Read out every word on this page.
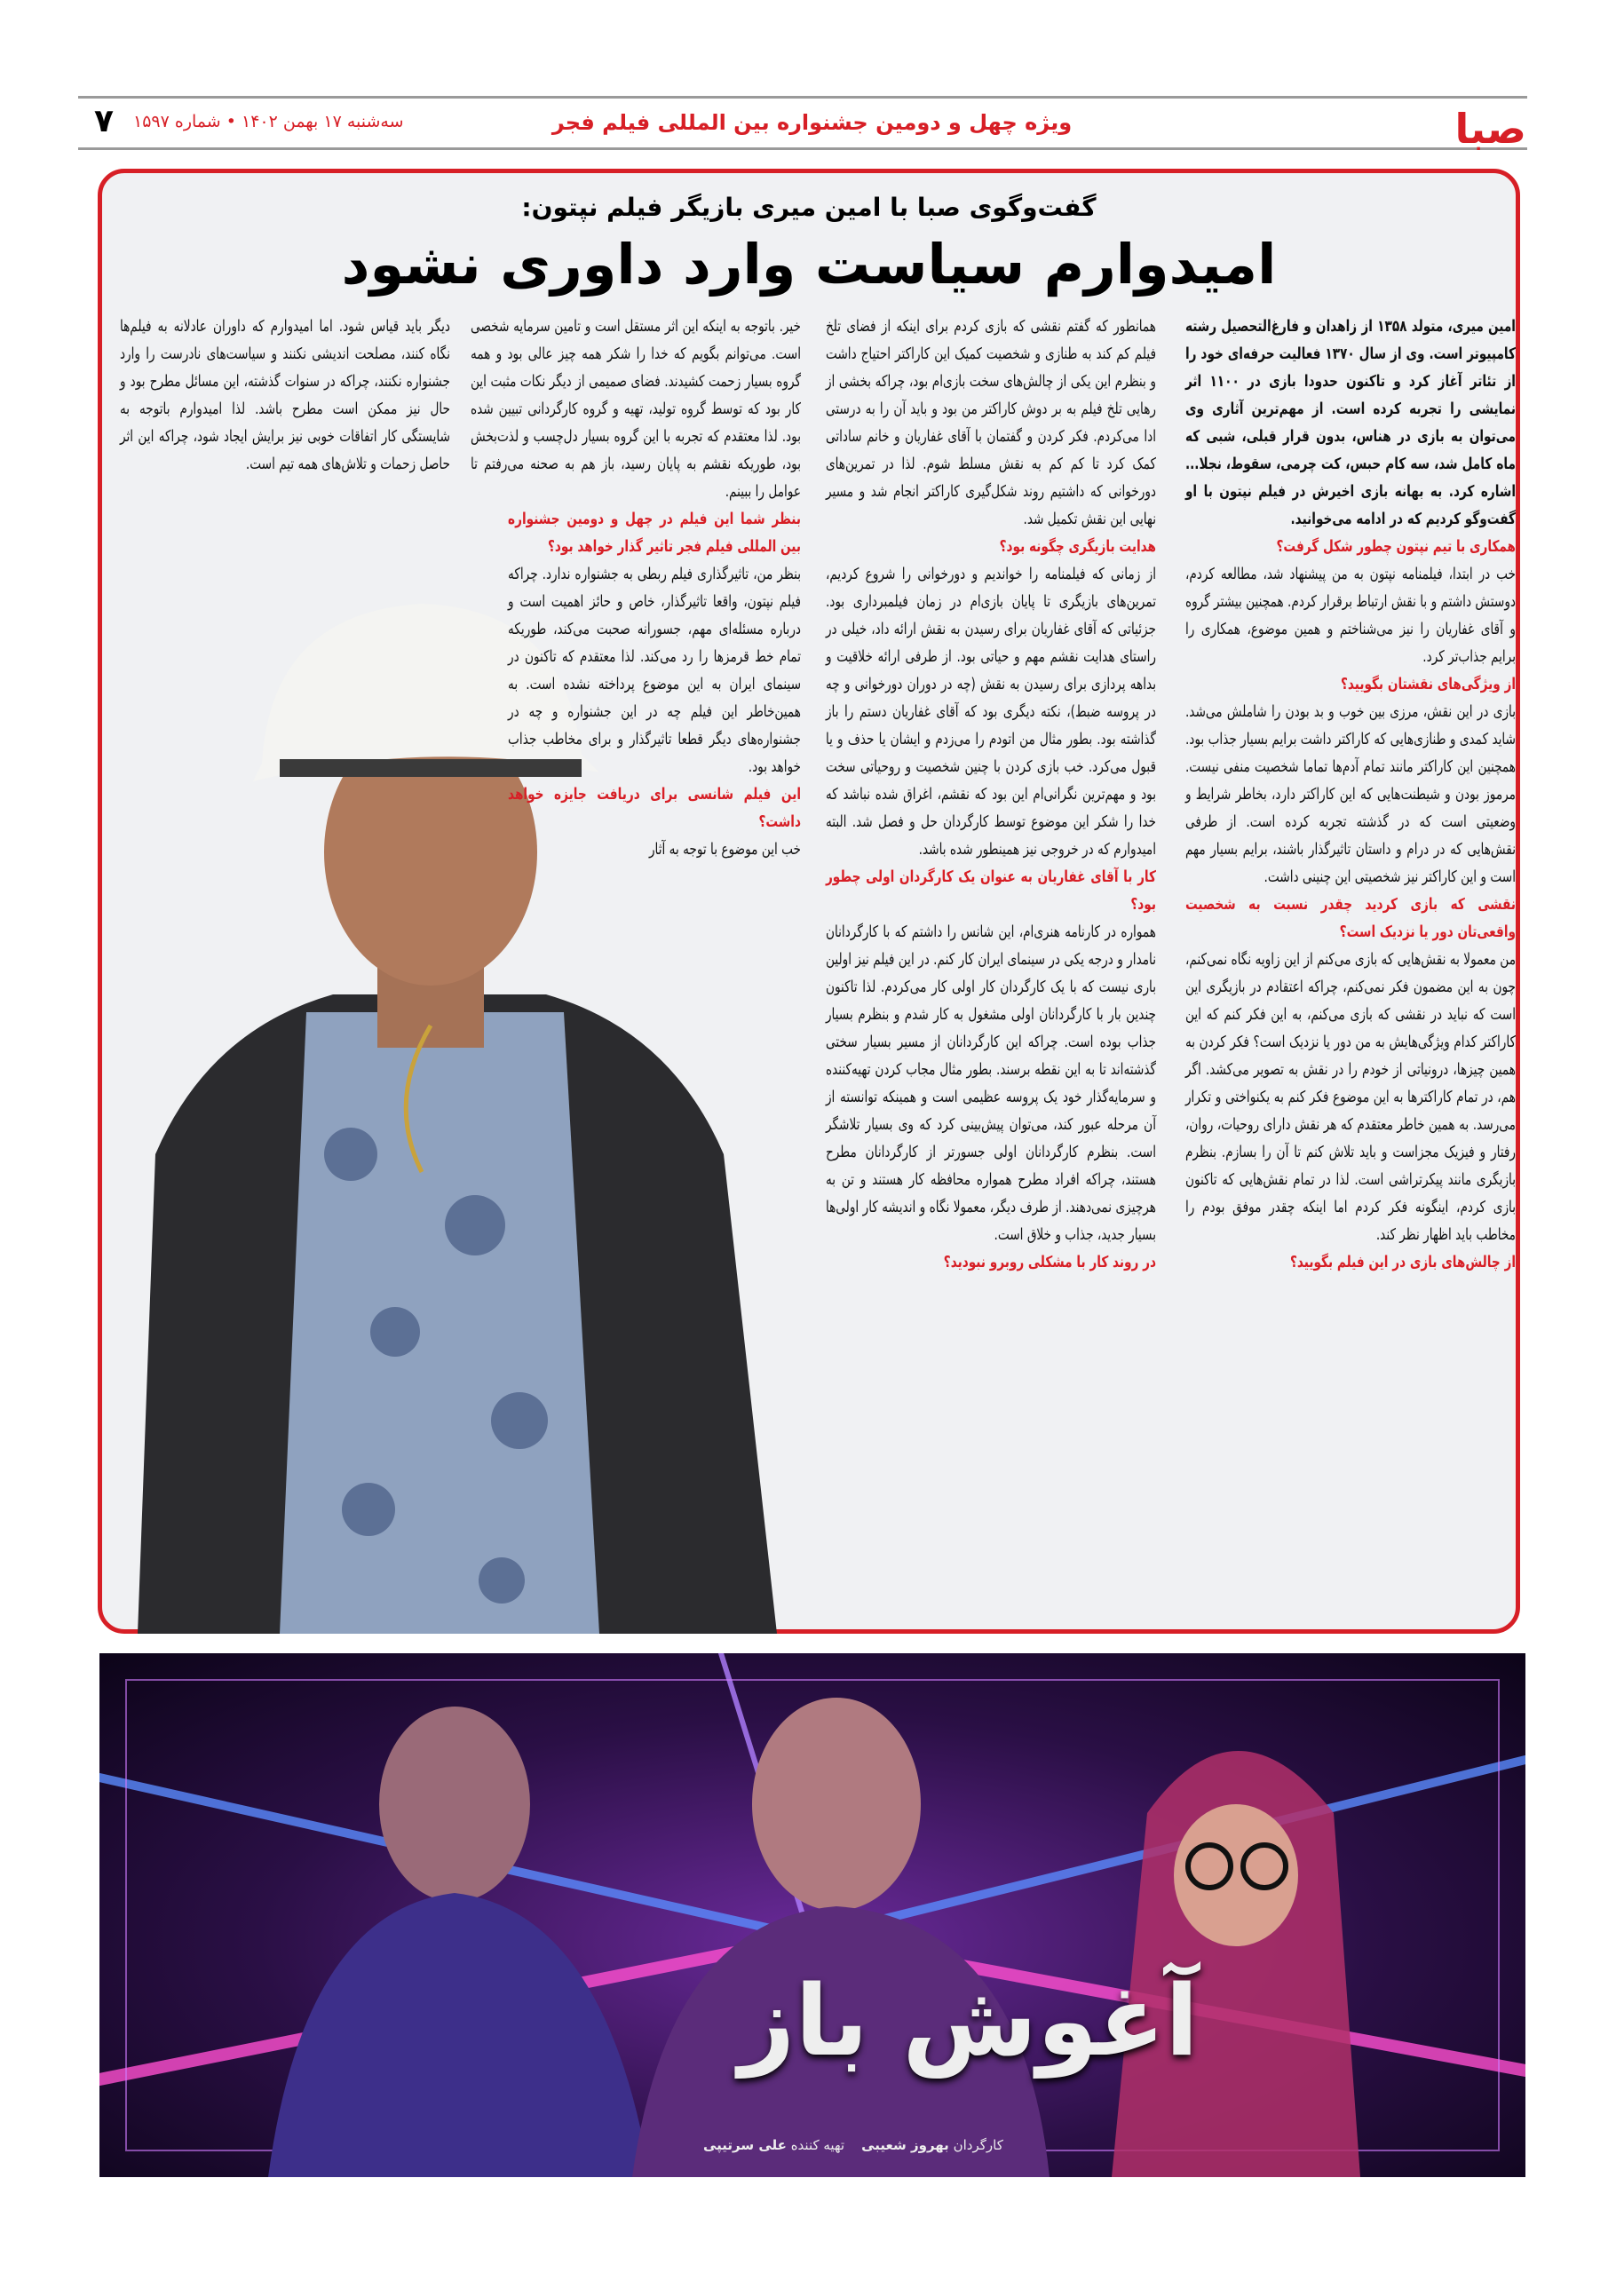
صبا
ویژه چهل و دومین جشنواره بین المللی فیلم فجر
سه‌شنبه ۱۷ بهمن ۱۴۰۲ • شماره ۱۵۹۷
۷
گفت‌وگوی صبا با امین میری بازیگر فیلم نپتون:
امیدوارم سیاست وارد داوری نشود

امین میری، متولد ۱۳۵۸ از زاهدان و فارغ‌التحصیل رشته کامپیوتر است. وی از سال ۱۳۷۰ فعالیت حرفه‌ای خود را از تئاتر آغاز کرد و تاکنون حدودا بازی در ۱۱۰۰ اثر نمایشی را تجربه کرده است. از مهم‌ترین آثاری وی می‌توان به بازی در هناس، بدون قرار قبلی، شبی که ماه کامل شد، سه کام حبس، کت چرمی، سقوط، نجلا... اشاره کرد. به بهانه بازی اخیرش در فیلم نپتون با او گفت‌وگو کردیم که در ادامه می‌خوانید.

همکاری با تیم نپتون چطور شکل گرفت؟

خب در ابتدا، فیلمنامه نپتون به من پیشنهاد شد، مطالعه کردم، دوستش داشتم و با نقش ارتباط برقرار کردم. همچنین بیشتر گروه و آقای غفاریان را نیز می‌شناختم و همین موضوع، همکاری را برایم جذاب‌تر کرد.

از ویژگی‌های نقشتان بگویید؟

بازی در این نقش، مرزی بین خوب و بد بودن را شاملش می‌شد. شاید کمدی و طنازی‌هایی که کاراکتر داشت برایم بسیار جذاب بود. همچنین این کاراکتر مانند تمام آدم‌ها تماما شخصیت منفی نیست. مرموز بودن و شیطنت‌هایی که این کاراکتر دارد، بخاطر شرایط و وضعیتی است که در گذشته تجربه کرده است. از طرفی نقش‌هایی که در درام و داستان تاثیرگذار باشند، برایم بسیار مهم است و این کاراکتر نیز شخصیتی این چنینی داشت.

نقشی که بازی کردید چقدر نسبت به شخصیت واقعی‌تان دور یا نزدیک است؟

من معمولا به نقش‌هایی که بازی می‌کنم از این زاویه نگاه نمی‌کنم، چون به این مضمون فکر نمی‌کنم، چراکه اعتقادم در بازیگری این است که نباید در نقشی که بازی می‌کنم، به این فکر کنم که این کاراکتر کدام ویژگی‌هایش به من دور یا نزدیک است؟ فکر کردن به همین چیزها، درونیاتی از خودم را در نقش به تصویر می‌کشد. اگر هم، در تمام کاراکترها به این موضوع فکر کنم به یکنواختی و تکرار می‌رسد. به همین خاطر معتقدم که هر نقش دارای روحیات، روان، رفتار و فیزیک مجزاست و باید تلاش کنم تا آن را بسازم. بنظرم بازیگری مانند پیکرتراشی است. لذا در تمام نقش‌هایی که تاکنون بازی کردم، اینگونه فکر کردم اما اینکه چقدر موفق بودم را مخاطب باید اظهار نظر کند.

از چالش‌های بازی در این فیلم بگویید؟

همانطور که گفتم نقشی که بازی کردم برای اینکه از فضای تلخ فیلم کم کند به طنازی و شخصیت کمیک این کاراکتر احتیاج داشت و بنظرم این یکی از چالش‌های سخت بازی‌ام بود، چراکه بخشی از رهایی تلخ فیلم به بر دوش کاراکتر من بود و باید آن را به درستی ادا می‌کردم. فکر کردن و گفتمان با آقای غفاریان و خانم ساداتی کمک کرد تا کم کم به نقش مسلط شوم. لذا در تمرین‌های دورخوانی که داشتیم روند شکل‌گیری کاراکتر انجام شد و مسیر نهایی این نقش تکمیل شد.

هدایت بازیگری چگونه بود؟

از زمانی که فیلمنامه را خواندیم و دورخوانی را شروع کردیم، تمرین‌های بازیگری تا پایان بازی‌ام در زمان فیلمبرداری بود. جزئیاتی که آقای غفاریان برای رسیدن به نقش ارائه داد، خیلی در راستای هدایت نقشم مهم و حیاتی بود. از طرفی ارائه خلاقیت و بداهه پردازی برای رسیدن به نقش (چه در دوران دورخوانی و چه در پروسه ضبط)، نکته دیگری بود که آقای غفاریان دستم را باز گذاشته بود. بطور مثال من اتودم را می‌زدم و ایشان یا حذف و یا قبول می‌کرد. خب بازی کردن با چنین شخصیت و روحیاتی سخت بود و مهم‌ترین نگرانی‌ام این بود که نقشم، اغراق شده نباشد که خدا را شکر این موضوع توسط کارگردان حل و فصل شد. البته امیدوارم که در خروجی نیز همینطور شده باشد.

کار با آقای غفاریان به عنوان یک کارگردان اولی چطور بود؟

همواره در کارنامه هنری‌ام، این شانس را داشتم که با کارگردانان نامدار و درجه یکی در سینمای ایران کار کنم. در این فیلم نیز اولین باری نیست که با یک کارگردان کار اولی کار می‌کردم. لذا تاکنون چندین بار با کارگردانان اولی مشغول به کار شدم و بنظرم بسیار جذاب بوده است. چراکه این کارگردانان از مسیر بسیار سختی گذشته‌اند تا به این نقطه برسند. بطور مثال مجاب کردن تهیه‌کننده و سرمایه‌گذار خود یک پروسه عظیمی است و همینکه توانسته از آن مرحله عبور کند، می‌توان پیش‌بینی کرد که وی بسیار تلاشگر است. بنظرم کارگردانان اولی جسورتر از کارگردانان مطرح هستند، چراکه افراد مطرح همواره محافظه کار هستند و تن به هرچیزی نمی‌دهند. از طرف دیگر، معمولا نگاه و اندیشه کار اولی‌ها بسیار جدید، جذاب و خلاق است.

در روند کار با مشکلی روبرو نبودید؟

خیر. باتوجه به اینکه این اثر مستقل است و تامین سرمایه شخصی است. می‌توانم بگویم که خدا را شکر همه چیز عالی بود و همه گروه بسیار زحمت کشیدند. فضای صمیمی از دیگر نکات مثبت این کار بود که توسط گروه تولید، تهیه و گروه کارگردانی تبیین شده بود. لذا معتقدم که تجربه با این گروه بسیار دل‌چسب و لذت‌بخش بود، طوریکه نقشم به پایان رسید، باز هم به صحنه می‌رفتم تا عوامل را ببینم.

بنظر شما این فیلم در چهل و دومین جشنواره بین المللی فیلم فجر تاثیر گذار خواهد بود؟

بنظر من، تاثیرگذاری فیلم ربطی به جشنواره ندارد. چراکه فیلم نپتون، واقعا تاثیرگذار، خاص و حائز اهمیت است و درباره مسئله‌ای مهم، جسورانه صحبت می‌کند، طوریکه تمام خط قرمزها را رد می‌کند. لذا معتقدم که تاکنون در سینمای ایران به این موضوع پرداخته نشده است. به همین‌خاطر این فیلم چه در این جشنواره و چه در جشنواره‌های دیگر قطعا تاثیرگذار و برای مخاطب جذاب خواهد بود.

این فیلم شانسی برای دریافت جایزه خواهد داشت؟

خب این موضوع با توجه به آثار

دیگر باید قیاس شود. اما امیدوارم که داوران عادلانه به فیلم‌ها نگاه کنند، مصلحت اندیشی نکنند و سیاست‌های نادرست را وارد جشنواره نکنند، چراکه در سنوات گذشته، این مسائل مطرح بود و حال نیز ممکن است مطرح باشد. لذا امیدوارم باتوجه به شایستگی کار اتفاقات خوبی نیز برایش ایجاد شود، چراکه این اثر حاصل زحمات و تلاش‌های همه تیم است.

آغوش باز
کارگردان بهروز شعیبی    تهیه کننده علی سرتیپی
